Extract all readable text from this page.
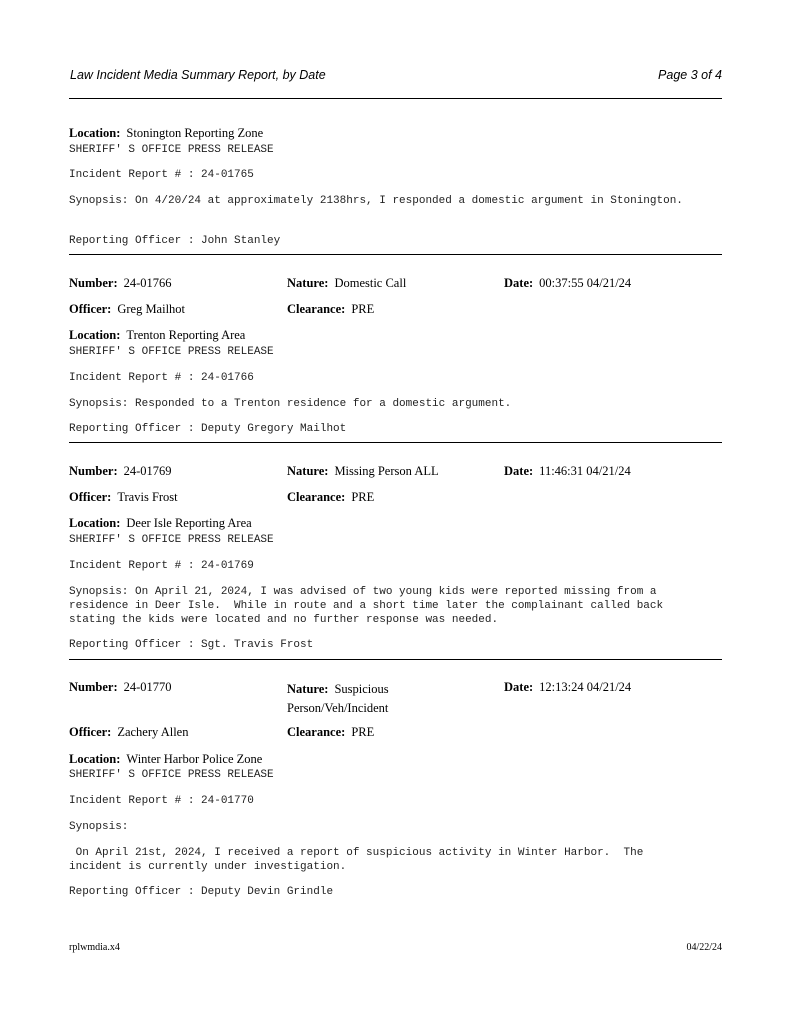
Law Incident Media Summary Report, by Date	Page 3 of 4
Location: Stonington Reporting Zone
SHERIFF' S OFFICE PRESS RELEASE
Incident Report # : 24-01765
Synopsis: On 4/20/24 at approximately 2138hrs, I responded a domestic argument in Stonington.
Reporting Officer : John Stanley
Number: 24-01766	Nature: Domestic Call	Date: 00:37:55 04/21/24
Officer: Greg Mailhot	Clearance: PRE
Location: Trenton Reporting Area
SHERIFF' S OFFICE PRESS RELEASE
Incident Report # : 24-01766
Synopsis: Responded to a Trenton residence for a domestic argument.
Reporting Officer : Deputy Gregory Mailhot
Number: 24-01769	Nature: Missing Person ALL	Date: 11:46:31 04/21/24
Officer: Travis Frost	Clearance: PRE
Location: Deer Isle Reporting Area
SHERIFF' S OFFICE PRESS RELEASE
Incident Report # : 24-01769
Synopsis: On April 21, 2024, I was advised of two young kids were reported missing from a
residence in Deer Isle.  While in route and a short time later the complainant called back
stating the kids were located and no further response was needed.
Reporting Officer : Sgt. Travis Frost
Number: 24-01770	Nature: Suspicious
Person/Veh/Incident
Date: 12:13:24 04/21/24
Officer: Zachery Allen	Clearance: PRE
Location: Winter Harbor Police Zone
SHERIFF' S OFFICE PRESS RELEASE
Incident Report # : 24-01770
Synopsis:
On April 21st, 2024, I received a report of suspicious activity in Winter Harbor.  The
incident is currently under investigation.
Reporting Officer : Deputy Devin Grindle
rplwmdia.x4	04/22/24
